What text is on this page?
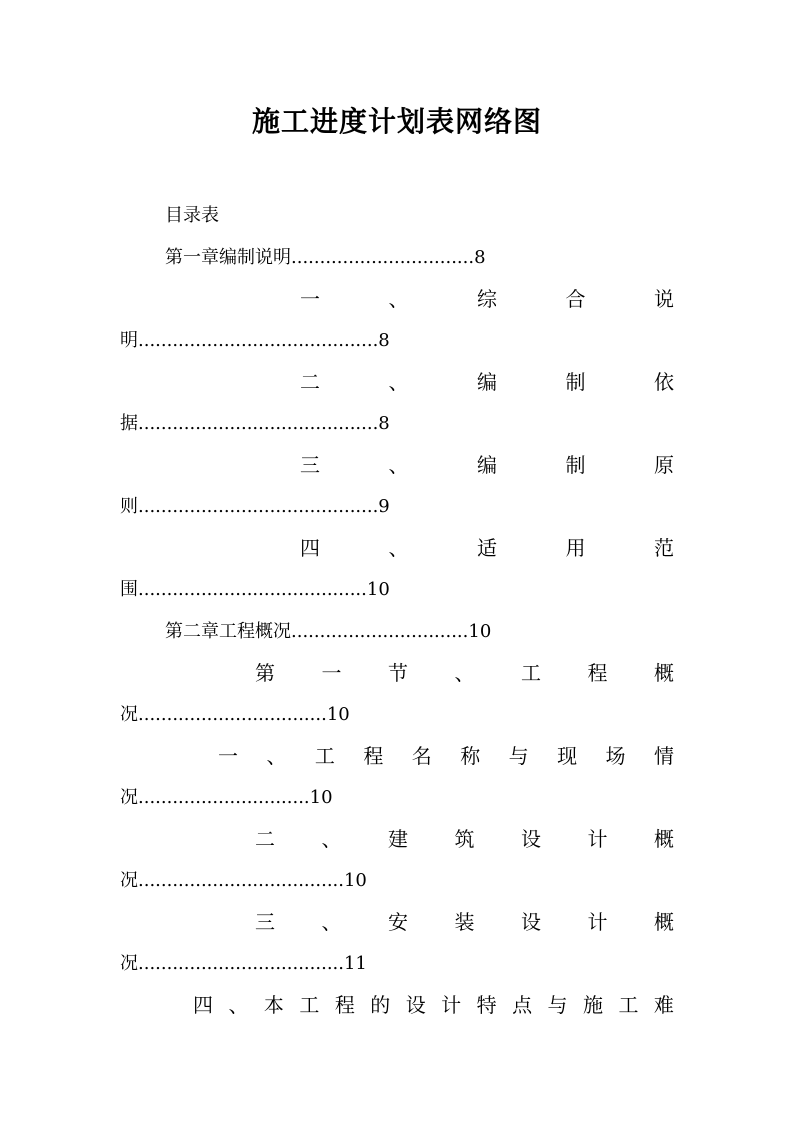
施工进度计划表网络图
目录表
第一章编制说明................................8
一	、	综	合	说
明..........................................8
二	、	编	制	依
据..........................................8
三	、	编	制	原
则..........................................9
四	、	适	用	范
围........................................10
第二章工程概况...............................10
第 一 节 、 工 程 概
况.................................10
一 、 工 程 名 称 与 现 场 情
况..............................10
二 、 建 筑 设 计 概
况....................................10
三 、 安 装 设 计 概
况....................................11
四 、 本 工 程 的 设 计 特 点 与 施 工 难
